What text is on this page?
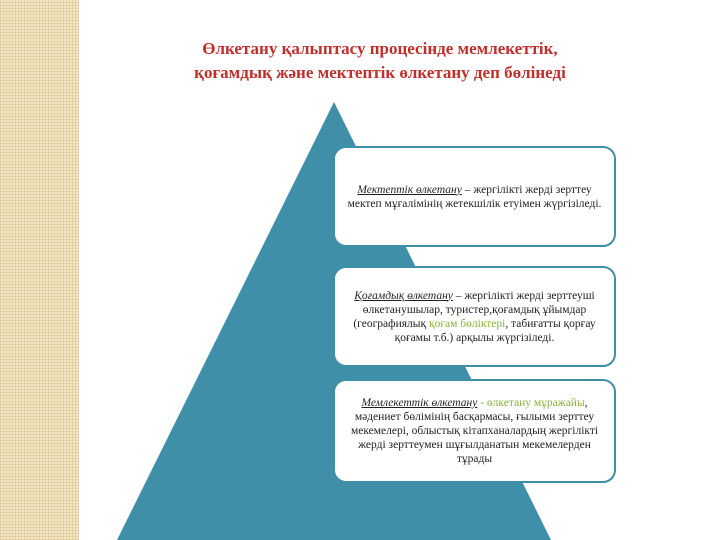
Өлкетану қалыптасу процесінде мемлекеттік,
қоғамдық және мектептік өлкетану деп бөлінеді

Мектептік өлкетану – жергілікті жерді зерттеу мектеп мұғалімінің жетекшілік етуімен жүргізіледі.

Қоғамдық өлкетану – жергілікті жерді зерттеуші өлкетанушылар, туристер,қоғамдық ұйымдар (географиялық қоғам бөліктері, табиғатты қорғау қоғамы т.б.) арқылы жүргізіледі.

Мемлекеттік өлкетану - өлкетану мұражайы, мәдениет бөлімінің басқармасы, ғылыми зерттеу мекемелері, облыстық кітапханалардың жергілікті жерді зерттеумен шұғылданатын мекемелерден тұрады
